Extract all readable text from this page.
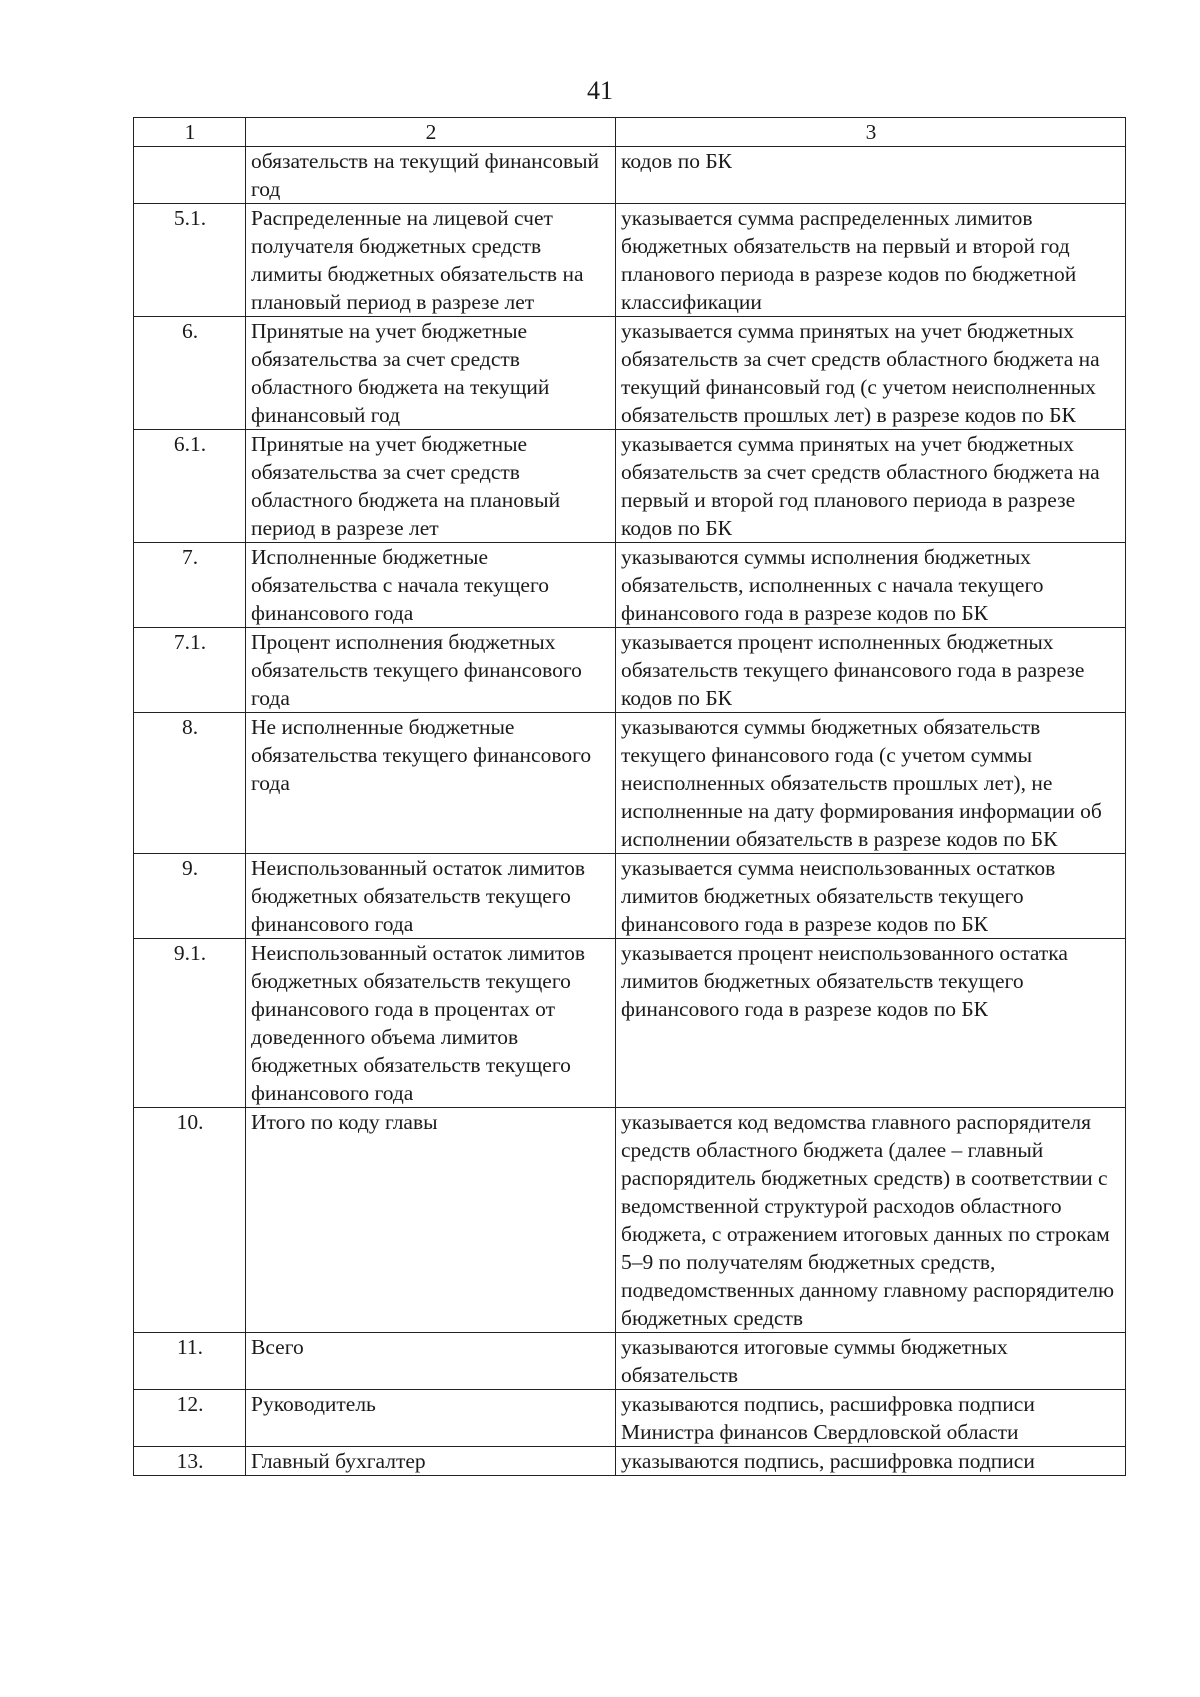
41
1	2	3
	обязательств на текущий финансовый год	кодов по БК
5.1.	Распределенные на лицевой счет получателя бюджетных средств лимиты бюджетных обязательств на плановый период в разрезе лет	указывается сумма распределенных лимитов бюджетных обязательств на первый и второй год планового периода в разрезе кодов по бюджетной классификации
6.	Принятые на учет бюджетные обязательства за счет средств областного бюджета на текущий финансовый год	указывается сумма принятых на учет бюджетных обязательств за счет средств областного бюджета на текущий финансовый год (с учетом неисполненных обязательств прошлых лет) в разрезе кодов по БК
6.1.	Принятые на учет бюджетные обязательства за счет средств областного бюджета на плановый период в разрезе лет	указывается сумма принятых на учет бюджетных обязательств за счет средств областного бюджета на первый и второй год планового периода в разрезе кодов по БК
7.	Исполненные бюджетные обязательства с начала текущего финансового года	указываются суммы исполнения бюджетных обязательств, исполненных с начала текущего финансового года в разрезе кодов по БК
7.1.	Процент исполнения бюджетных обязательств текущего финансового года	указывается процент исполненных бюджетных обязательств текущего финансового года в разрезе кодов по БК
8.	Не исполненные бюджетные обязательства текущего финансового года	указываются суммы бюджетных обязательств текущего финансового года (с учетом суммы неисполненных обязательств прошлых лет), не исполненные на дату формирования информации об исполнении обязательств в разрезе кодов по БК
9.	Неиспользованный остаток лимитов бюджетных обязательств текущего финансового года	указывается сумма неиспользованных остатков лимитов бюджетных обязательств текущего финансового года в разрезе кодов по БК
9.1.	Неиспользованный остаток лимитов бюджетных обязательств текущего финансового года в процентах от доведенного объема лимитов бюджетных обязательств текущего финансового года	указывается процент неиспользованного остатка лимитов бюджетных обязательств текущего финансового года в разрезе кодов по БК
10.	Итого по коду главы	указывается код ведомства главного распорядителя средств областного бюджета (далее – главный распорядитель бюджетных средств) в соответствии с ведомственной структурой расходов областного бюджета, с отражением итоговых данных по строкам 5–9 по получателям бюджетных средств, подведомственных данному главному распорядителю бюджетных средств
11.	Всего	указываются итоговые суммы бюджетных обязательств
12.	Руководитель	указываются подпись, расшифровка подписи Министра финансов Свердловской области
13.	Главный бухгалтер	указываются подпись, расшифровка подписи
